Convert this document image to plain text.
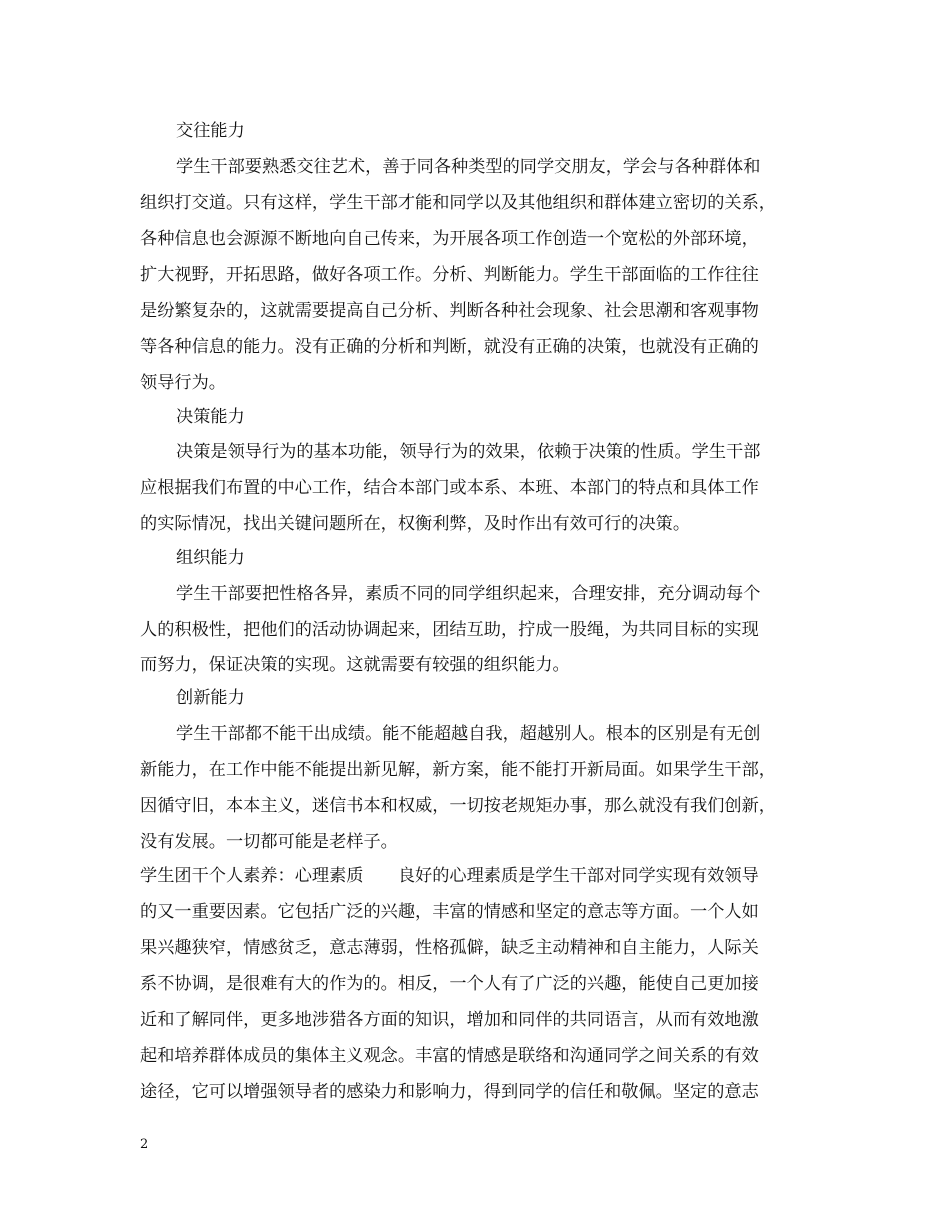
交往能力
学生干部要熟悉交往艺术，善于同各种类型的同学交朋友，学会与各种群体和
组织打交道。只有这样，学生干部才能和同学以及其他组织和群体建立密切的关系，
各种信息也会源源不断地向自己传来，为开展各项工作创造一个宽松的外部环境，
扩大视野，开拓思路，做好各项工作。分析、判断能力。学生干部面临的工作往往
是纷繁复杂的，这就需要提高自己分析、判断各种社会现象、社会思潮和客观事物
等各种信息的能力。没有正确的分析和判断，就没有正确的决策，也就没有正确的
领导行为。
决策能力
决策是领导行为的基本功能，领导行为的效果，依赖于决策的性质。学生干部
应根据我们布置的中心工作，结合本部门或本系、本班、本部门的特点和具体工作
的实际情况，找出关键问题所在，权衡利弊，及时作出有效可行的决策。
组织能力
学生干部要把性格各异，素质不同的同学组织起来，合理安排，充分调动每个
人的积极性，把他们的活动协调起来，团结互助，拧成一股绳，为共同目标的实现
而努力，保证决策的实现。这就需要有较强的组织能力。
创新能力
学生干部都不能干出成绩。能不能超越自我，超越别人。根本的区别是有无创
新能力，在工作中能不能提出新见解，新方案，能不能打开新局面。如果学生干部，
因循守旧，本本主义，迷信书本和权威，一切按老规矩办事，那么就没有我们创新，
没有发展。一切都可能是老样子。
学生团干个人素养：心理素质　　良好的心理素质是学生干部对同学实现有效领导
的又一重要因素。它包括广泛的兴趣，丰富的情感和坚定的意志等方面。一个人如
果兴趣狭窄，情感贫乏，意志薄弱，性格孤僻，缺乏主动精神和自主能力，人际关
系不协调，是很难有大的作为的。相反，一个人有了广泛的兴趣，能使自己更加接
近和了解同伴，更多地涉猎各方面的知识，增加和同伴的共同语言，从而有效地激
起和培养群体成员的集体主义观念。丰富的情感是联络和沟通同学之间关系的有效
途径，它可以增强领导者的感染力和影响力，得到同学的信任和敬佩。坚定的意志
2
